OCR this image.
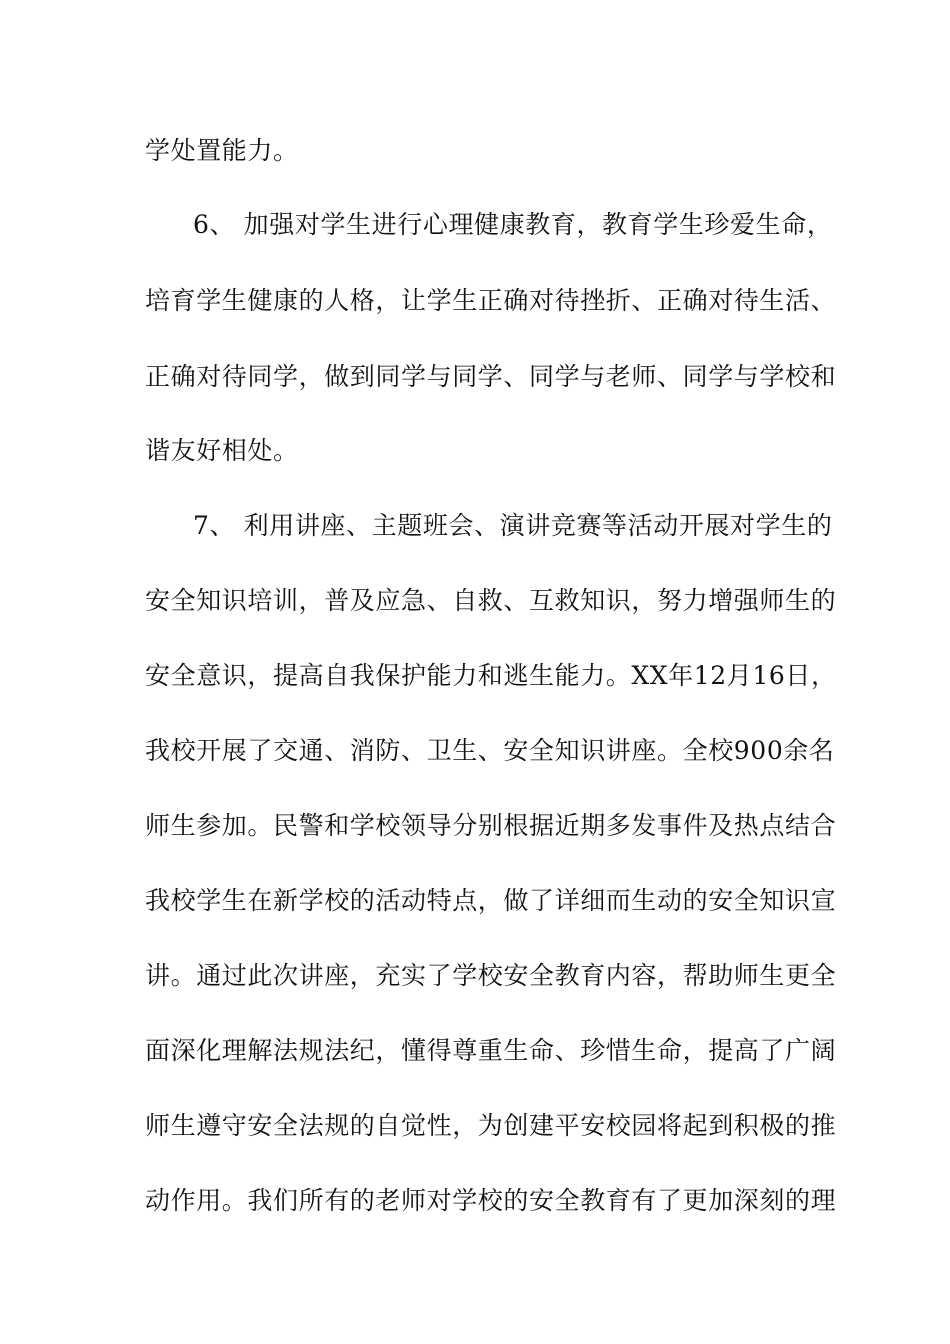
学处置能力。
6、 加强对学生进行心理健康教育，教育学生珍爱生命，
培育学生健康的人格，让学生正确对待挫折、正确对待生活、
正确对待同学，做到同学与同学、同学与老师、同学与学校和
谐友好相处。
7、 利用讲座、主题班会、演讲竞赛等活动开展对学生的
安全知识培训，普及应急、自救、互救知识，努力增强师生的
安全意识，提高自我保护能力和逃生能力。XX年12月16日，
我校开展了交通、消防、卫生、安全知识讲座。全校900余名
师生参加。民警和学校领导分别根据近期多发事件及热点结合
我校学生在新学校的活动特点，做了详细而生动的安全知识宣
讲。通过此次讲座，充实了学校安全教育内容，帮助师生更全
面深化理解法规法纪，懂得尊重生命、珍惜生命，提高了广阔
师生遵守安全法规的自觉性，为创建平安校园将起到积极的推
动作用。我们所有的老师对学校的安全教育有了更加深刻的理
